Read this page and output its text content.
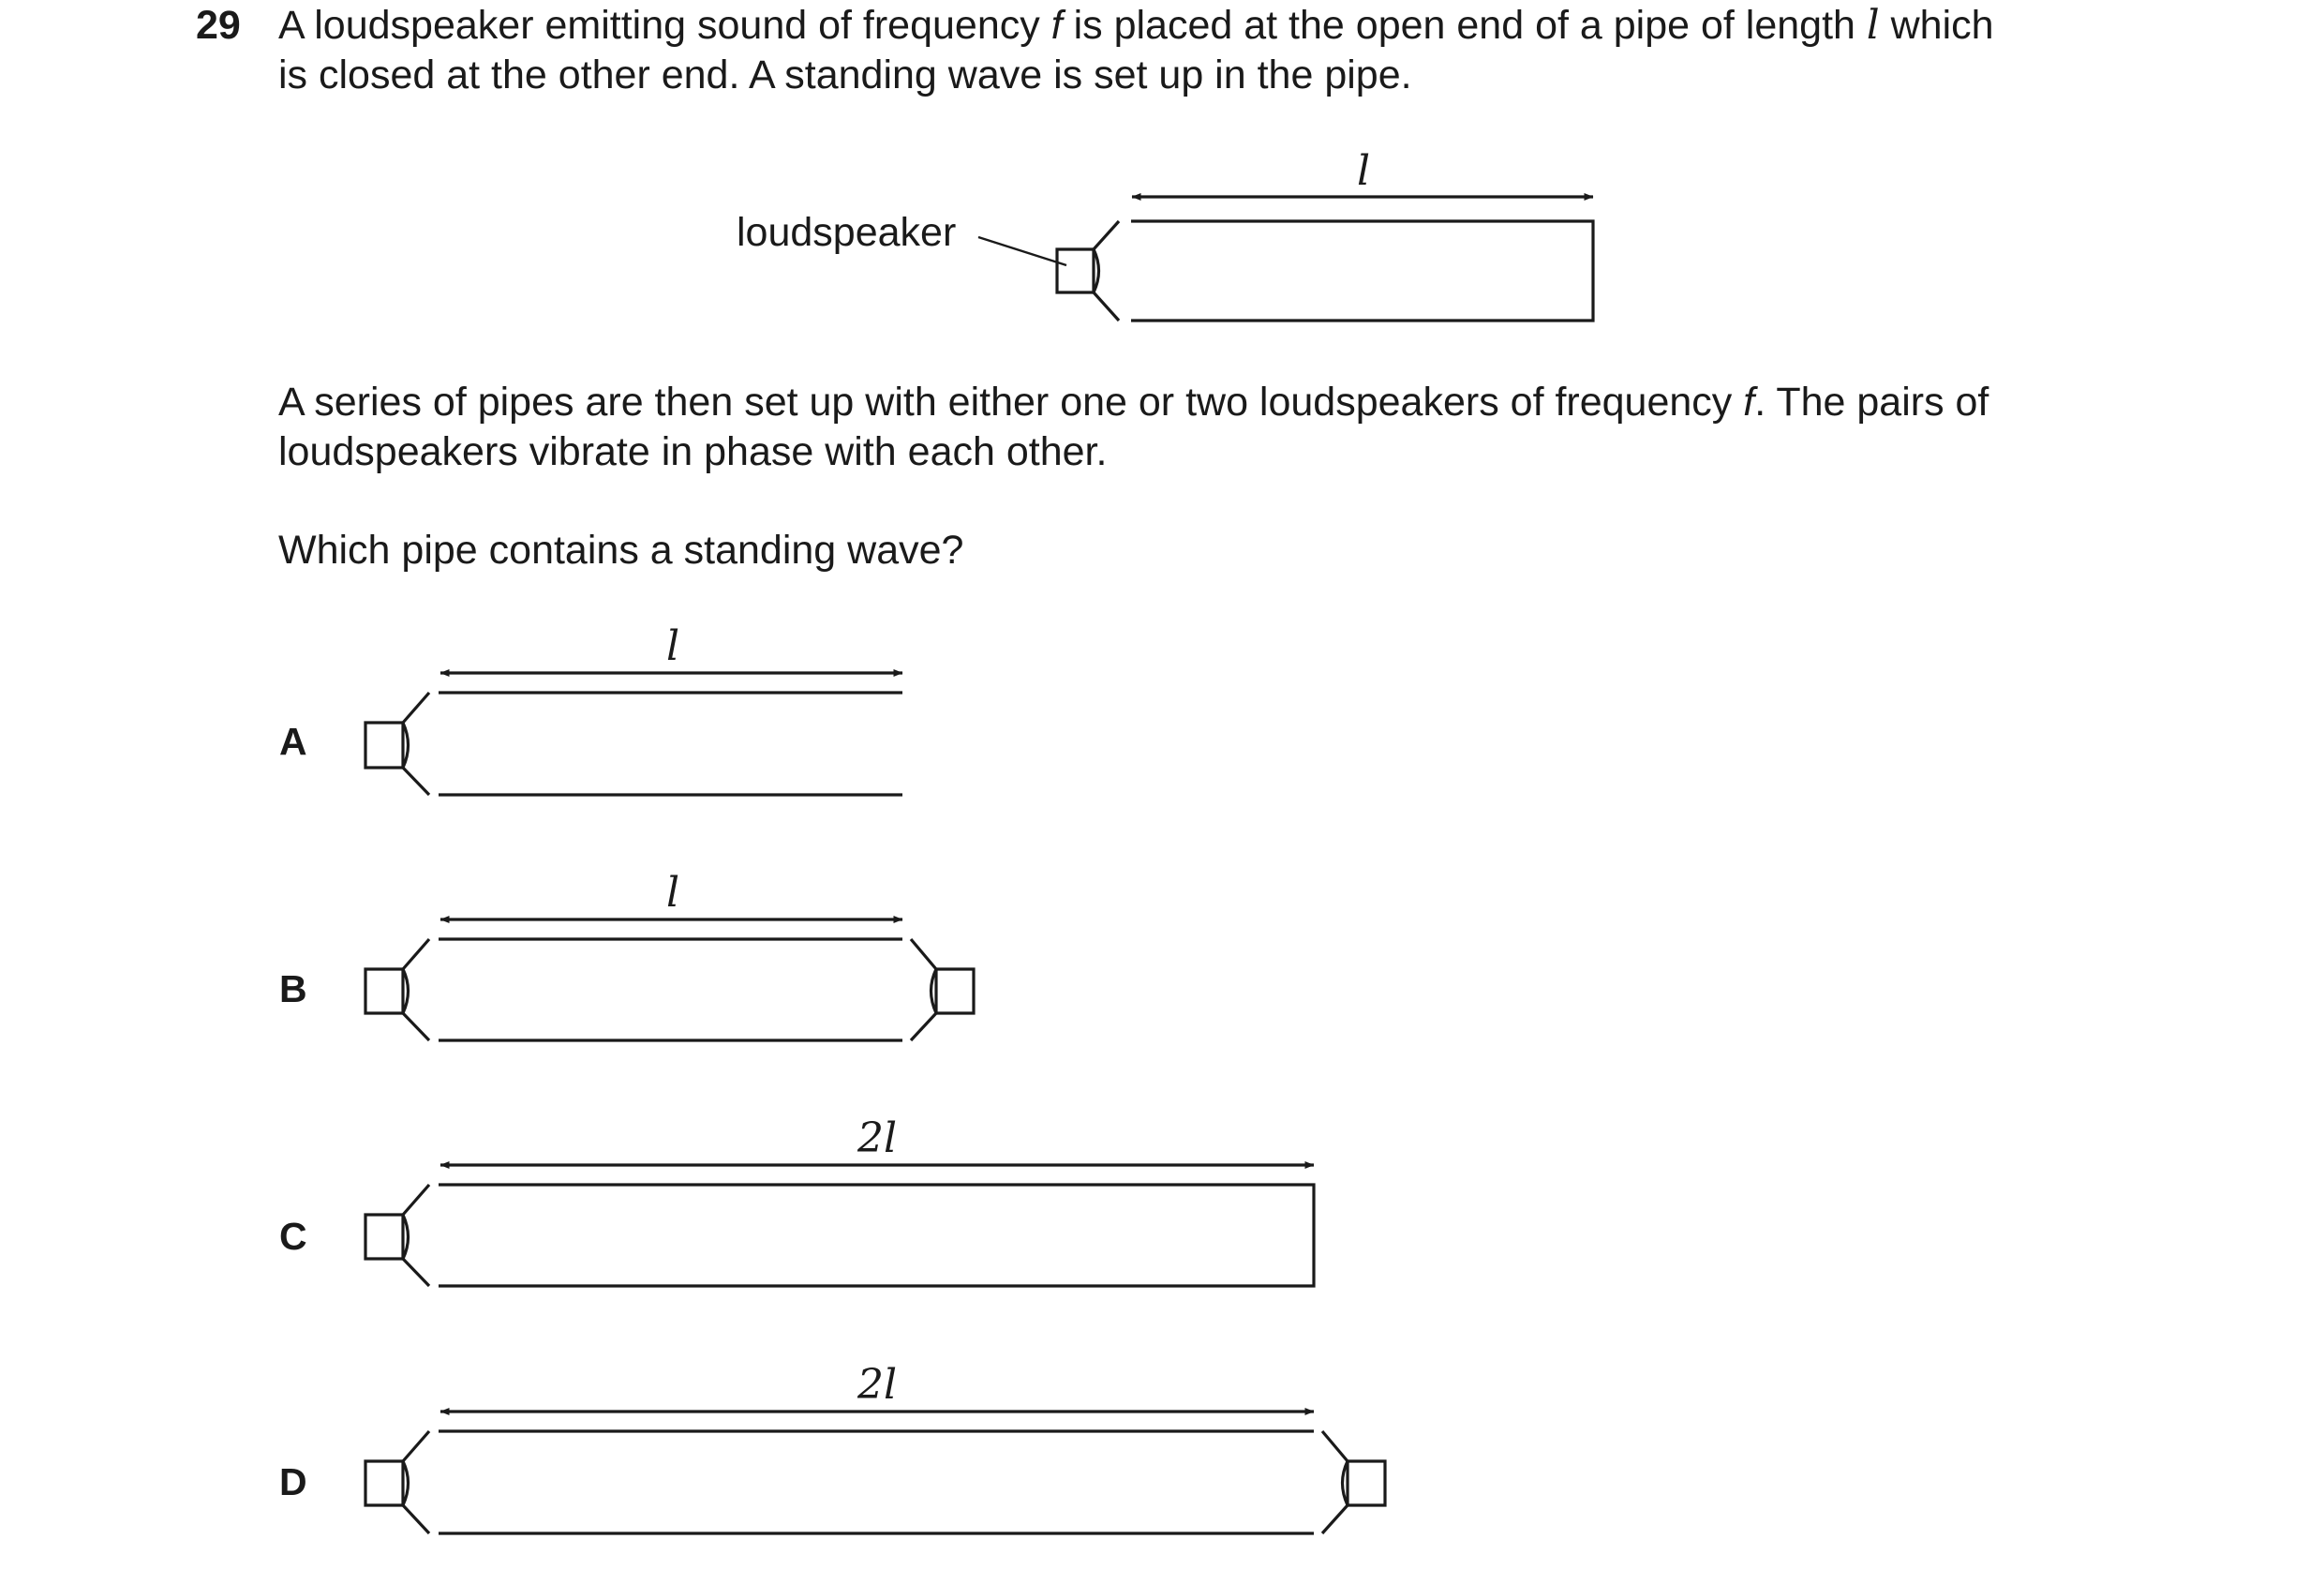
29 A loudspeaker emitting sound of frequency f is placed at the open end of a pipe of length l which

is closed at the other end. A standing wave is set up in the pipe.

A series of pipes are then set up with either one or two loudspeakers of frequency f. The pairs of

loudspeakers vibrate in phase with each other.

Which pipe contains a standing wave?

A
B
C
D
loudspeaker
l
l
l
2l
2l
